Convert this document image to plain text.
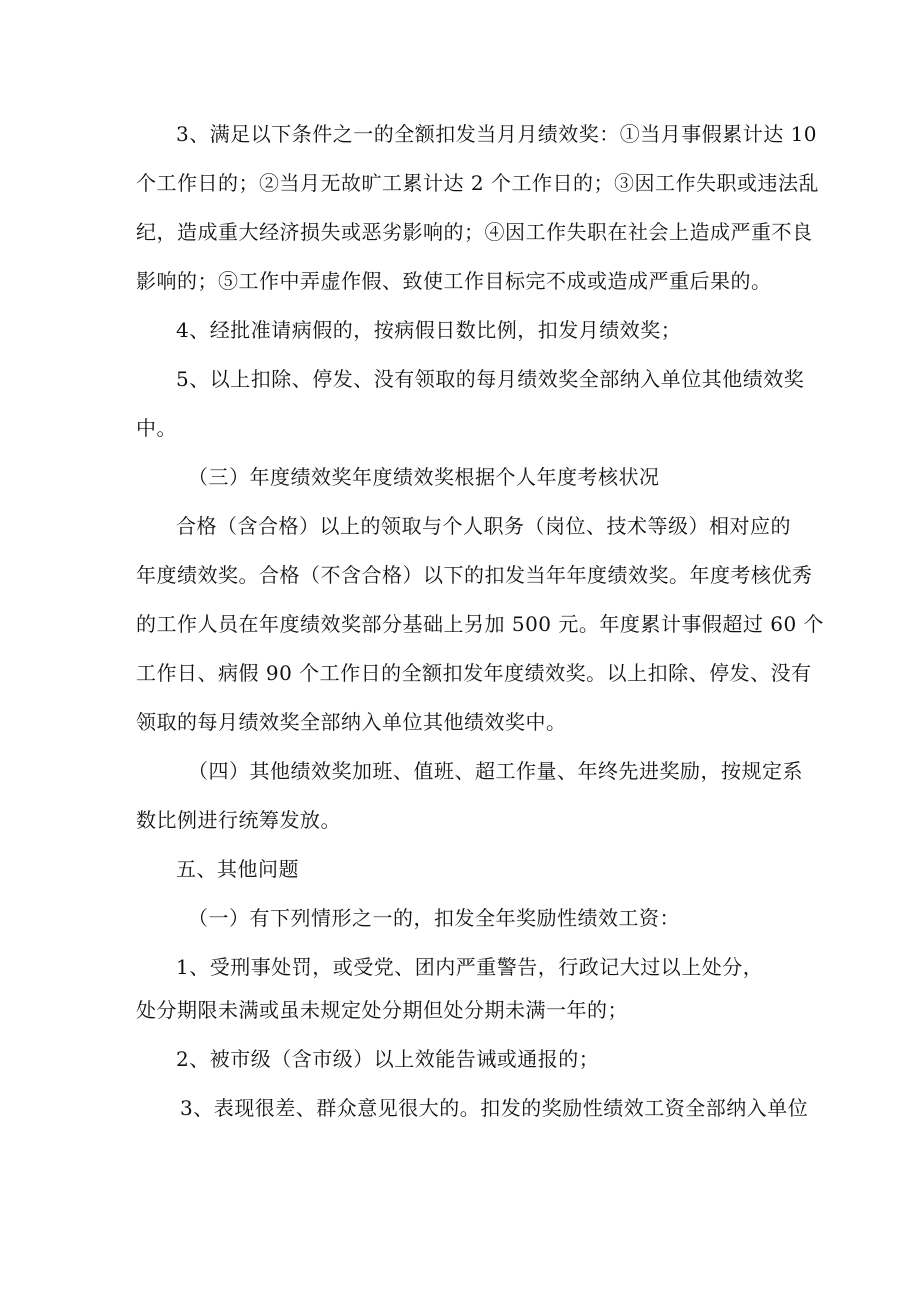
3、满足以下条件之一的全额扣发当月月绩效奖：①当月事假累计达 10
个工作日的；②当月无故旷工累计达 2 个工作日的；③因工作失职或违法乱
纪，造成重大经济损失或恶劣影响的；④因工作失职在社会上造成严重不良
影响的；⑤工作中弄虚作假、致使工作目标完不成或造成严重后果的。
4、经批准请病假的，按病假日数比例，扣发月绩效奖；
5、以上扣除、停发、没有领取的每月绩效奖全部纳入单位其他绩效奖
中。
（三）年度绩效奖年度绩效奖根据个人年度考核状况
合格（含合格）以上的领取与个人职务（岗位、技术等级）相对应的
年度绩效奖。合格（不含合格）以下的扣发当年年度绩效奖。年度考核优秀
的工作人员在年度绩效奖部分基础上另加 500 元。年度累计事假超过 60 个
工作日、病假 90 个工作日的全额扣发年度绩效奖。以上扣除、停发、没有
领取的每月绩效奖全部纳入单位其他绩效奖中。
（四）其他绩效奖加班、值班、超工作量、年终先进奖励，按规定系
数比例进行统筹发放。
五、其他问题
（一）有下列情形之一的，扣发全年奖励性绩效工资：
1、受刑事处罚，或受党、团内严重警告，行政记大过以上处分，
处分期限未满或虽未规定处分期但处分期未满一年的；
2、被市级（含市级）以上效能告诫或通报的；
3、表现很差、群众意见很大的。扣发的奖励性绩效工资全部纳入单位
